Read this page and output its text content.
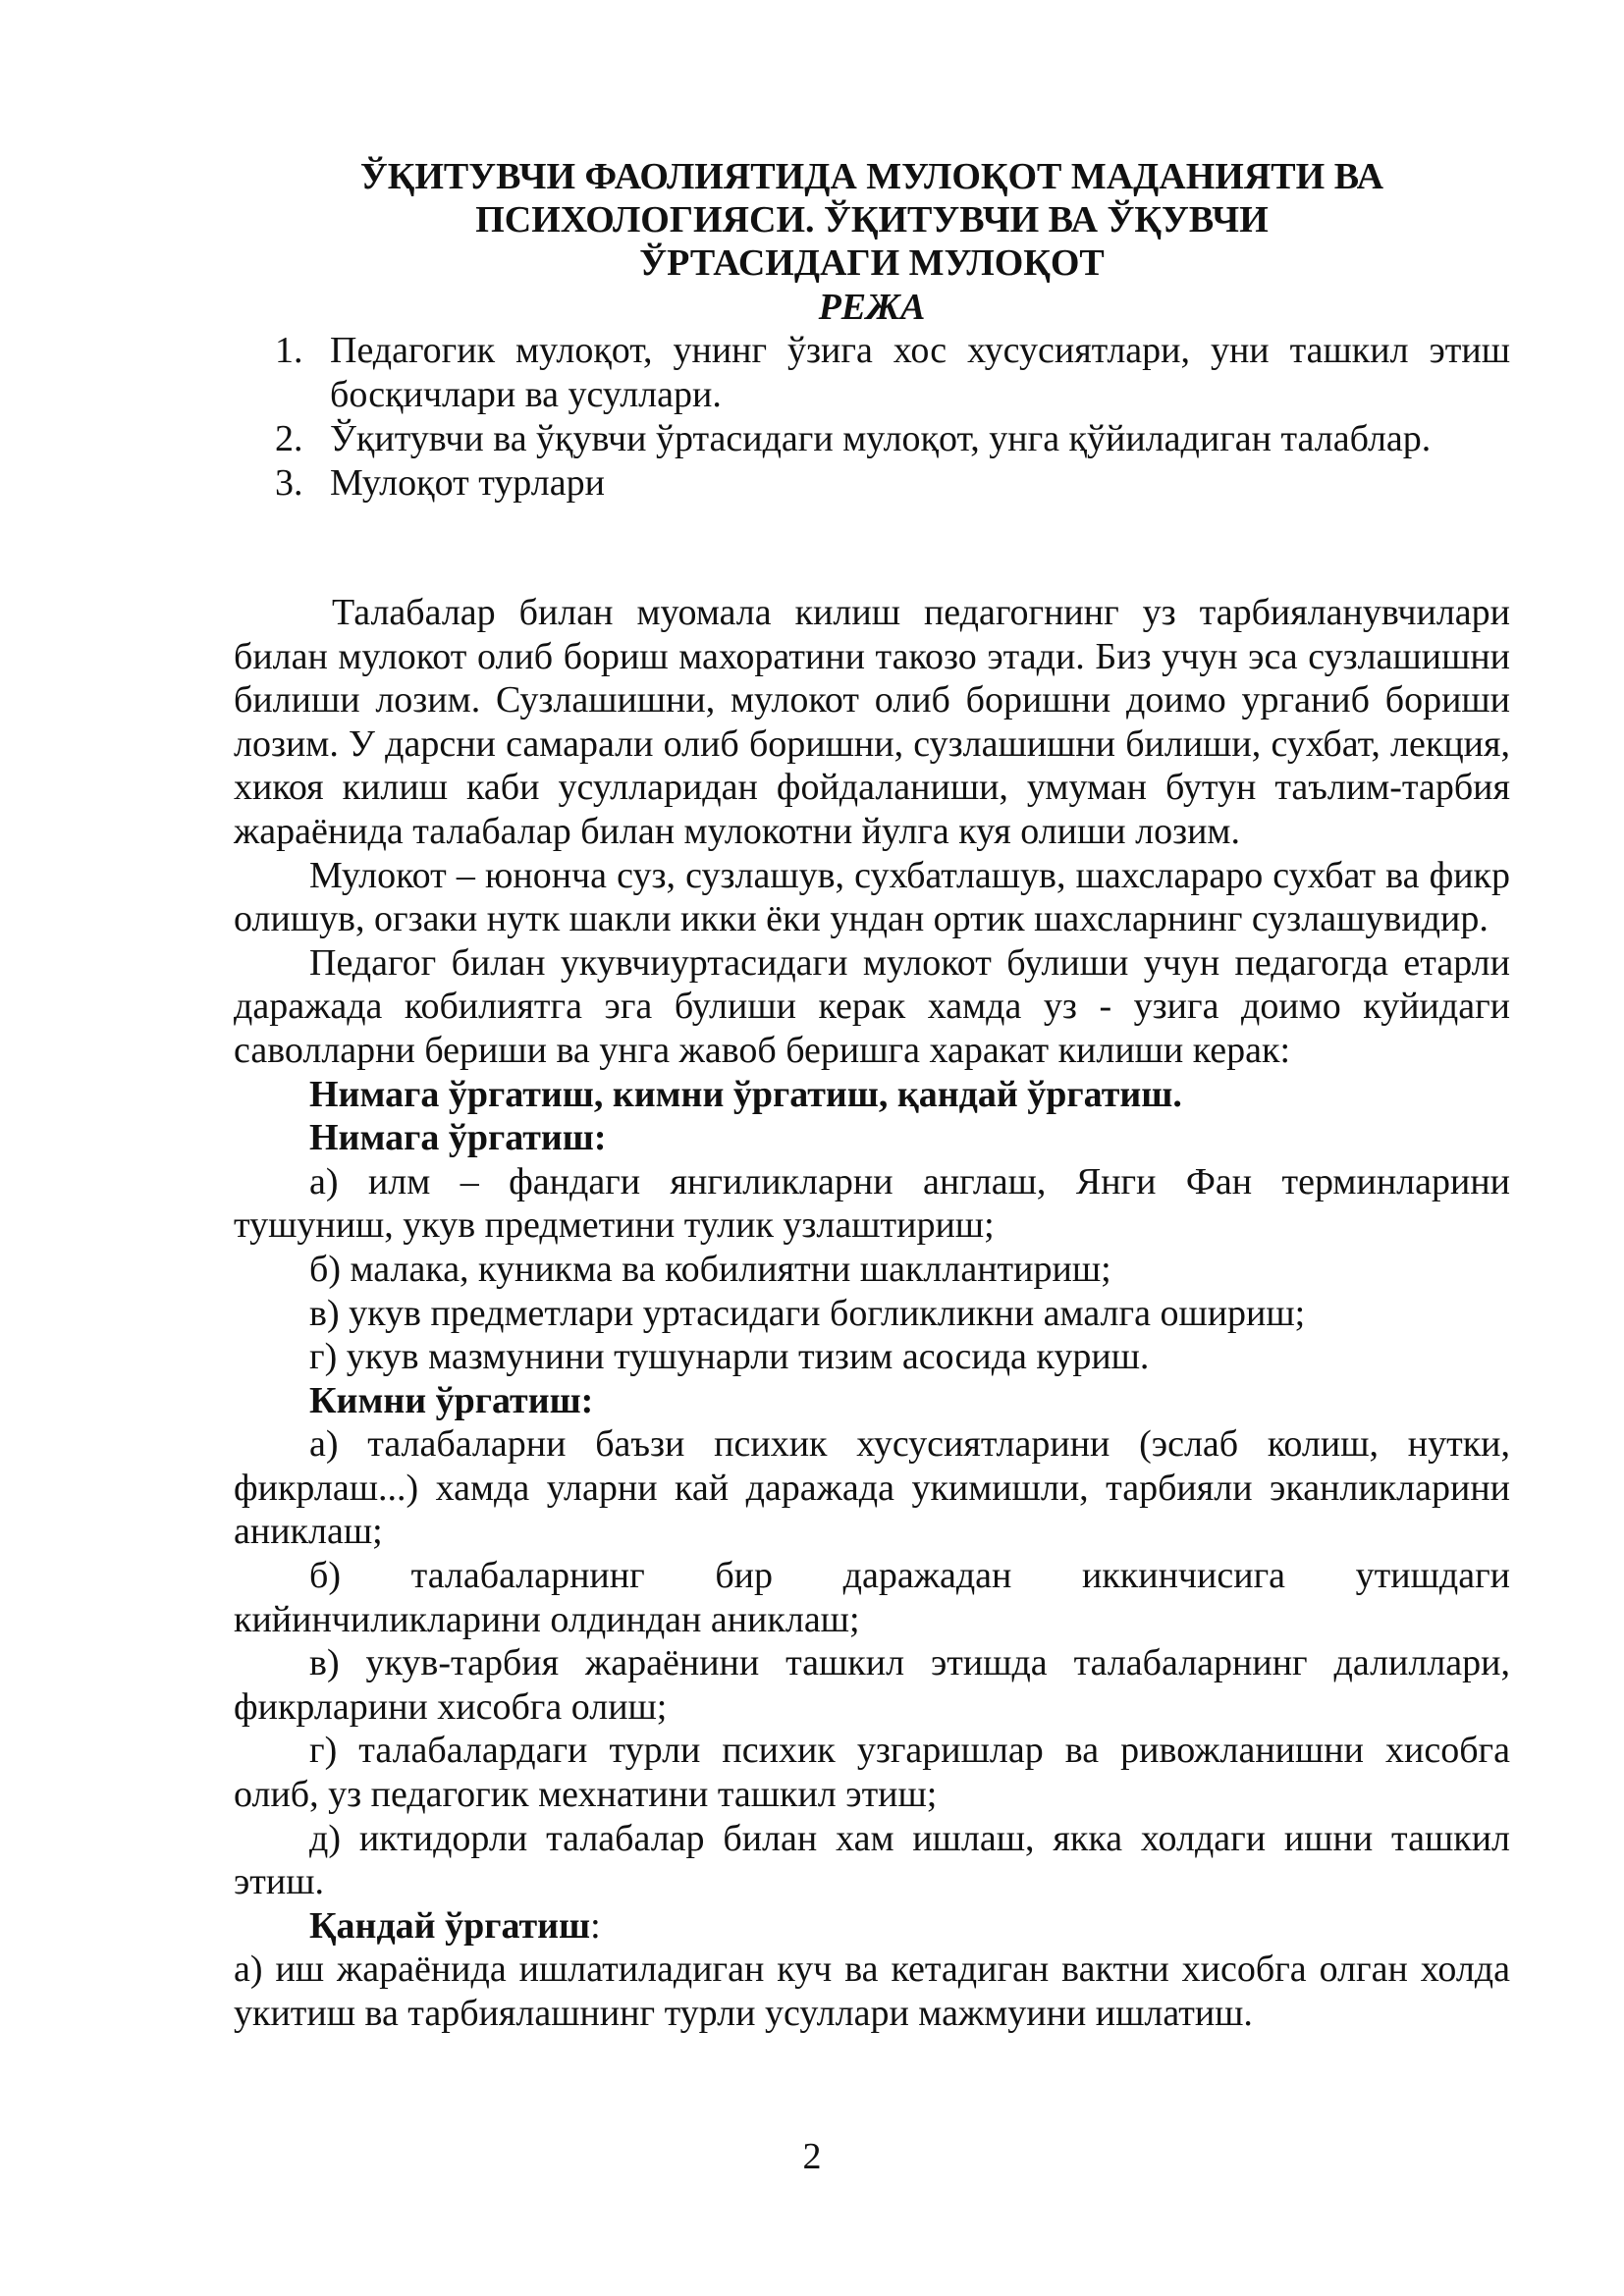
ЎҚИТУВЧИ ФАОЛИЯТИДА МУЛОҚОТ МАДАНИЯТИ ВА
ПСИХОЛОГИЯСИ. ЎҚИТУВЧИ ВА ЎҚУВЧИ
ЎРТАСИДАГИ МУЛОҚОТ
РЕЖА
1. Педагогик мулоқот, унинг ўзига хос хусусиятлари, уни ташкил этиш босқичлари ва усуллари.
2. Ўқитувчи ва ўқувчи ўртасидаги мулоқот, унга қўйиладиган талаблар.
3. Мулоқот турлари

Талабалар билан муомала килиш педагогнинг уз тарбияланувчилари билан мулокот олиб бориш махоратини такозо этади. Биз учун эса сузлашишни билиши лозим. Сузлашишни, мулокот олиб боришни доимо урганиб бориши лозим. У дарсни самарали олиб боришни, сузлашишни билиши, сухбат, лекция, хикоя килиш каби усулларидан фойдаланиши, умуман бутун таълим-тарбия жараёнида талабалар билан мулокотни йулга куя олиши лозим.

Мулокот – юнонча суз, сузлашув, сухбатлашув, шахслараро сухбат ва фикр олишув, огзаки нутк шакли икки ёки ундан ортик шахсларнинг сузлашувидир.

Педагог билан укувчиуртасидаги мулокот булиши учун педагогда етарли даражада кобилиятга эга булиши керак хамда уз - узига доимо куйидаги саволларни бериши ва унга жавоб беришга харакат килиши керак:

Нимага ўргатиш, кимни ўргатиш, қандай ўргатиш.

Нимага ўргатиш:

а) илм – фандаги янгиликларни англаш, Янги Фан терминларини тушуниш, укув предметини тулик узлаштириш;

б) малака, куникма ва кобилиятни шакллантириш;

в) укув предметлари уртасидаги богликликни амалга ошириш;

г) укув мазмунини тушунарли тизим асосида куриш.

Кимни ўргатиш:

а) талабаларни баъзи психик хусусиятларини (эслаб колиш, нутки, фикрлаш...) хамда уларни кай даражада укимишли, тарбияли эканликларини аниклаш;

б) талабаларнинг бир даражадан иккинчисига утишдаги кийинчиликларини олдиндан аниклаш;

в) укув-тарбия жараёнини ташкил этишда талабаларнинг далиллари, фикрларини хисобга олиш;

г) талабалардаги турли психик узгаришлар ва ривожланишни хисобга олиб, уз педагогик мехнатини ташкил этиш;

д) иктидорли талабалар билан хам ишлаш, якка холдаги ишни ташкил этиш.

Қандай ўргатиш:

а) иш жараёнида ишлатиладиган куч ва кетадиган вактни хисобга олган холда укитиш ва тарбиялашнинг турли усуллари мажмуини ишлатиш.

2
